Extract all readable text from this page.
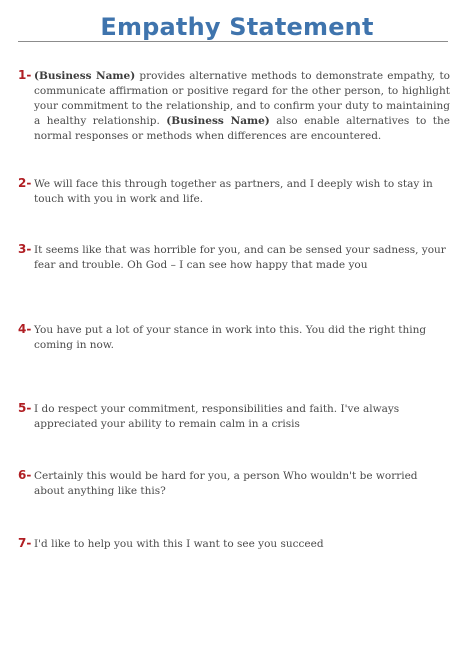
Empathy Statement
1- (Business Name) provides alternative methods to demonstrate empathy, to communicate affirmation or positive regard for the other person, to highlight your commitment to the relationship, and to confirm your duty to maintaining a healthy relationship. (Business Name) also enable alternatives to the normal responses or methods when differences are encountered.
2- We will face this through together as partners, and I deeply wish to stay in touch with you in work and life.
3- It seems like that was horrible for you, and can be sensed your sadness, your fear and trouble. Oh God – I can see how happy that made you
4- You have put a lot of your stance in work into this. You did the right thing coming in now.
5- I do respect your commitment, responsibilities and faith. I've always appreciated your ability to remain calm in a crisis
6- Certainly this would be hard for you, a person Who wouldn't be worried about anything like this?
7- I'd like to help you with this I want to see you succeed
